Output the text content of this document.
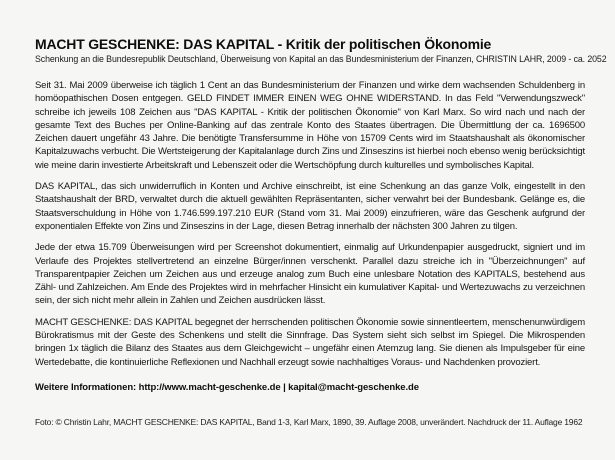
MACHT GESCHENKE: DAS KAPITAL - Kritik der politischen Ökonomie
Schenkung an die Bundesrepublik Deutschland, Überweisung von Kapital an das Bundesministerium der Finanzen, CHRISTIN LAHR, 2009 - ca. 2052

Seit 31. Mai 2009 überweise ich täglich 1 Cent an das Bundesministerium der Finanzen und wirke dem wachsenden Schuldenberg in homöopathischen Dosen entgegen. GELD FINDET IMMER EINEN WEG OHNE WIDERSTAND. In das Feld "Verwendungszweck" schreibe ich jeweils 108 Zeichen aus "DAS KAPITAL - Kritik der politischen Ökonomie" von Karl Marx. So wird nach und nach der gesamte Text des Buches per Online-Banking auf das zentrale Konto des Staates übertragen. Die Übermittlung der ca. 1696500 Zeichen dauert ungefähr 43 Jahre. Die benötigte Transfersumme in Höhe von 15709 Cents wird im Staatshaushalt als ökonomischer Kapitalzuwachs verbucht. Die Wertsteigerung der Kapitalanlage durch Zins und Zinseszins ist hierbei noch ebenso wenig berücksichtigt wie meine darin investierte Arbeitskraft und Lebenszeit oder die Wertschöpfung durch kulturelles und symbolisches Kapital.

DAS KAPITAL, das sich unwiderruflich in Konten und Archive einschreibt, ist eine Schenkung an das ganze Volk, eingestellt in den Staatshaushalt der BRD, verwaltet durch die aktuell gewählten Repräsentanten, sicher verwahrt bei der Bundesbank. Gelänge es, die Staatsverschuldung in Höhe von 1.746.599.197.210 EUR (Stand vom 31. Mai 2009) einzufrieren, wäre das Geschenk aufgrund der exponentialen Effekte von Zins und Zinseszins in der Lage, diesen Betrag innerhalb der nächsten 300 Jahren zu tilgen.

Jede der etwa 15.709 Überweisungen wird per Screenshot dokumentiert, einmalig auf Urkundenpapier ausgedruckt, signiert und im Verlaufe des Projektes stellvertretend an einzelne Bürger/innen verschenkt. Parallel dazu streiche ich in "Überzeichnungen" auf Transparentpapier Zeichen um Zeichen aus und erzeuge analog zum Buch eine unlesbare Notation des KAPITALS, bestehend aus Zähl- und Zahlzeichen. Am Ende des Projektes wird in mehrfacher Hinsicht ein kumulativer Kapital- und Wertezuwachs zu verzeichnen sein, der sich nicht mehr allein in Zahlen und Zeichen ausdrücken lässt.

MACHT GESCHENKE: DAS KAPITAL begegnet der herrschenden politischen Ökonomie sowie sinnentleertem, menschenunwürdigem Bürokratismus mit der Geste des Schenkens und stellt die Sinnfrage. Das System sieht sich selbst im Spiegel. Die Mikrospenden bringen 1x täglich die Bilanz des Staates aus dem Gleichgewicht – ungefähr einen Atemzug lang. Sie dienen als Impulsgeber für eine Wertedebatte, die kontinuierliche Reflexionen und Nachhall erzeugt sowie nachhaltiges Voraus- und Nachdenken provoziert.

Weitere Informationen: http://www.macht-geschenke.de | kapital@macht-geschenke.de

Foto: © Christin Lahr, MACHT GESCHENKE: DAS KAPITAL, Band 1-3, Karl Marx, 1890, 39. Auflage 2008, unverändert. Nachdruck der 11. Auflage 1962
